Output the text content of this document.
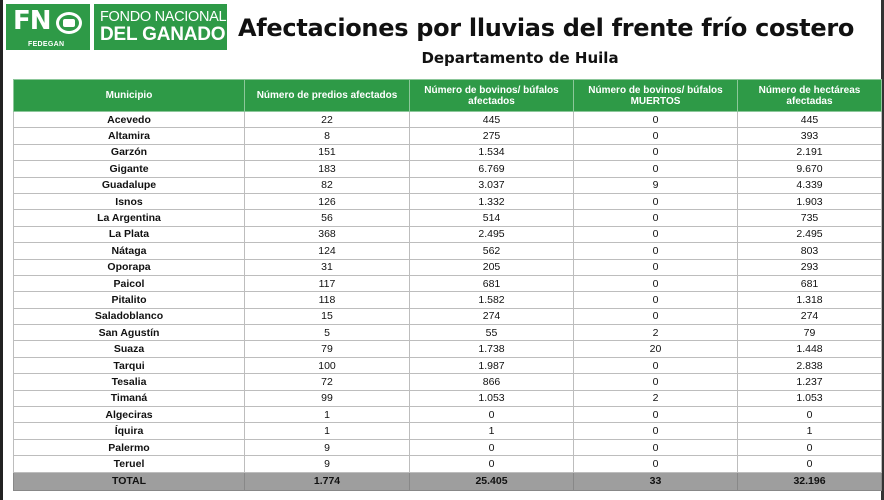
FN
FEDEGAN
FONDO NACIONAL
DEL GANADO Afectaciones por lluvias del frente frío costero
Departamento de Huila
Municipio	Número de predios afectados	Número de bovinos/ búfalos afectados	Número de bovinos/ búfalos MUERTOS	Número de hectáreas afectadas
Acevedo	22	445	0	445
Altamira	8	275	0	393
Garzón	151	1.534	0	2.191
Gigante	183	6.769	0	9.670
Guadalupe	82	3.037	9	4.339
Isnos	126	1.332	0	1.903
La Argentina	56	514	0	735
La Plata	368	2.495	0	2.495
Nátaga	124	562	0	803
Oporapa	31	205	0	293
Paicol	117	681	0	681
Pitalito	118	1.582	0	1.318
Saladoblanco	15	274	0	274
San Agustín	5	55	2	79
Suaza	79	1.738	20	1.448
Tarqui	100	1.987	0	2.838
Tesalia	72	866	0	1.237
Timaná	99	1.053	2	1.053
Algeciras	1	0	0	0
Íquira	1	1	0	1
Palermo	9	0	0	0
Teruel	9	0	0	0
TOTAL	1.774	25.405	33	32.196
